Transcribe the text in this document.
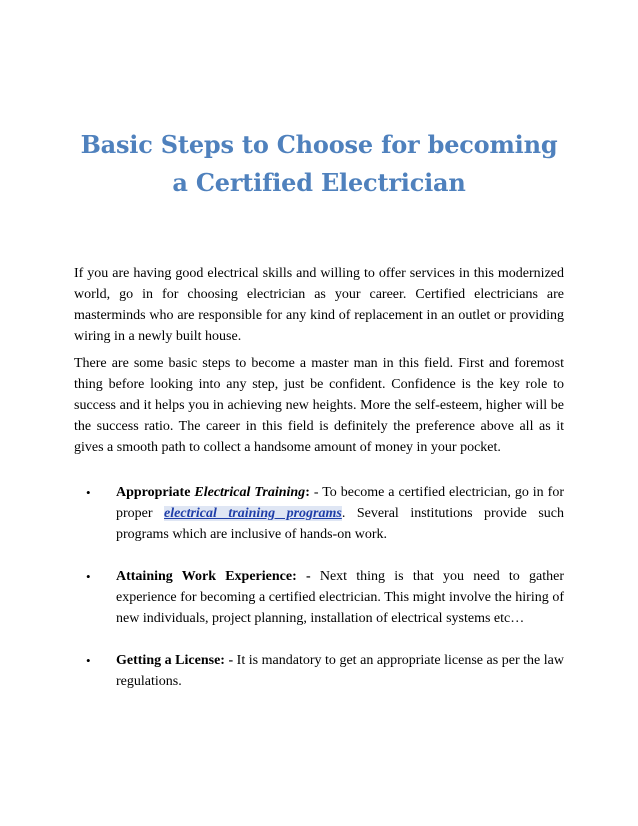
Basic Steps to Choose for becoming a Certified Electrician

If you are having good electrical skills and willing to offer services in this modernized world, go in for choosing electrician as your career. Certified electricians are masterminds who are responsible for any kind of replacement in an outlet or providing wiring in a newly built house.

There are some basic steps to become a master man in this field. First and foremost thing before looking into any step, just be confident. Confidence is the key role to success and it helps you in achieving new heights. More the self-esteem, higher will be the success ratio. The career in this field is definitely the preference above all as it gives a smooth path to collect a handsome amount of money in your pocket.

• Appropriate Electrical Training: - To become a certified electrician, go in for proper electrical training programs. Several institutions provide such programs which are inclusive of hands-on work.
• Attaining Work Experience: - Next thing is that you need to gather experience for becoming a certified electrician. This might involve the hiring of new individuals, project planning, installation of electrical systems etc…
• Getting a License: - It is mandatory to get an appropriate license as per the law regulations.
